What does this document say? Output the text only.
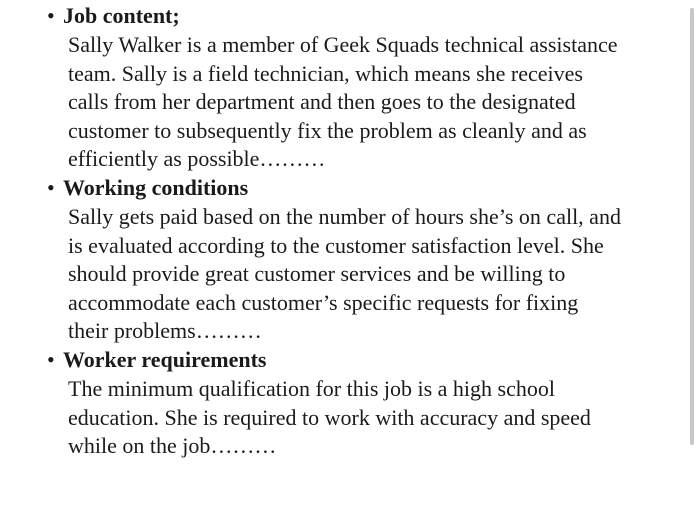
• Job content;
Sally Walker is a member of Geek Squads technical assistance
team. Sally is a field technician, which means she receives
calls from her department and then goes to the designated
customer to subsequently fix the problem as cleanly and as
efficiently as possible………
• Working conditions
Sally gets paid based on the number of hours she’s on call, and
is evaluated according to the customer satisfaction level. She
should provide great customer services and be willing to
accommodate each customer’s specific requests for fixing
their problems………
• Worker requirements
The minimum qualification for this job is a high school
education. She is required to work with accuracy and speed
while on the job………
